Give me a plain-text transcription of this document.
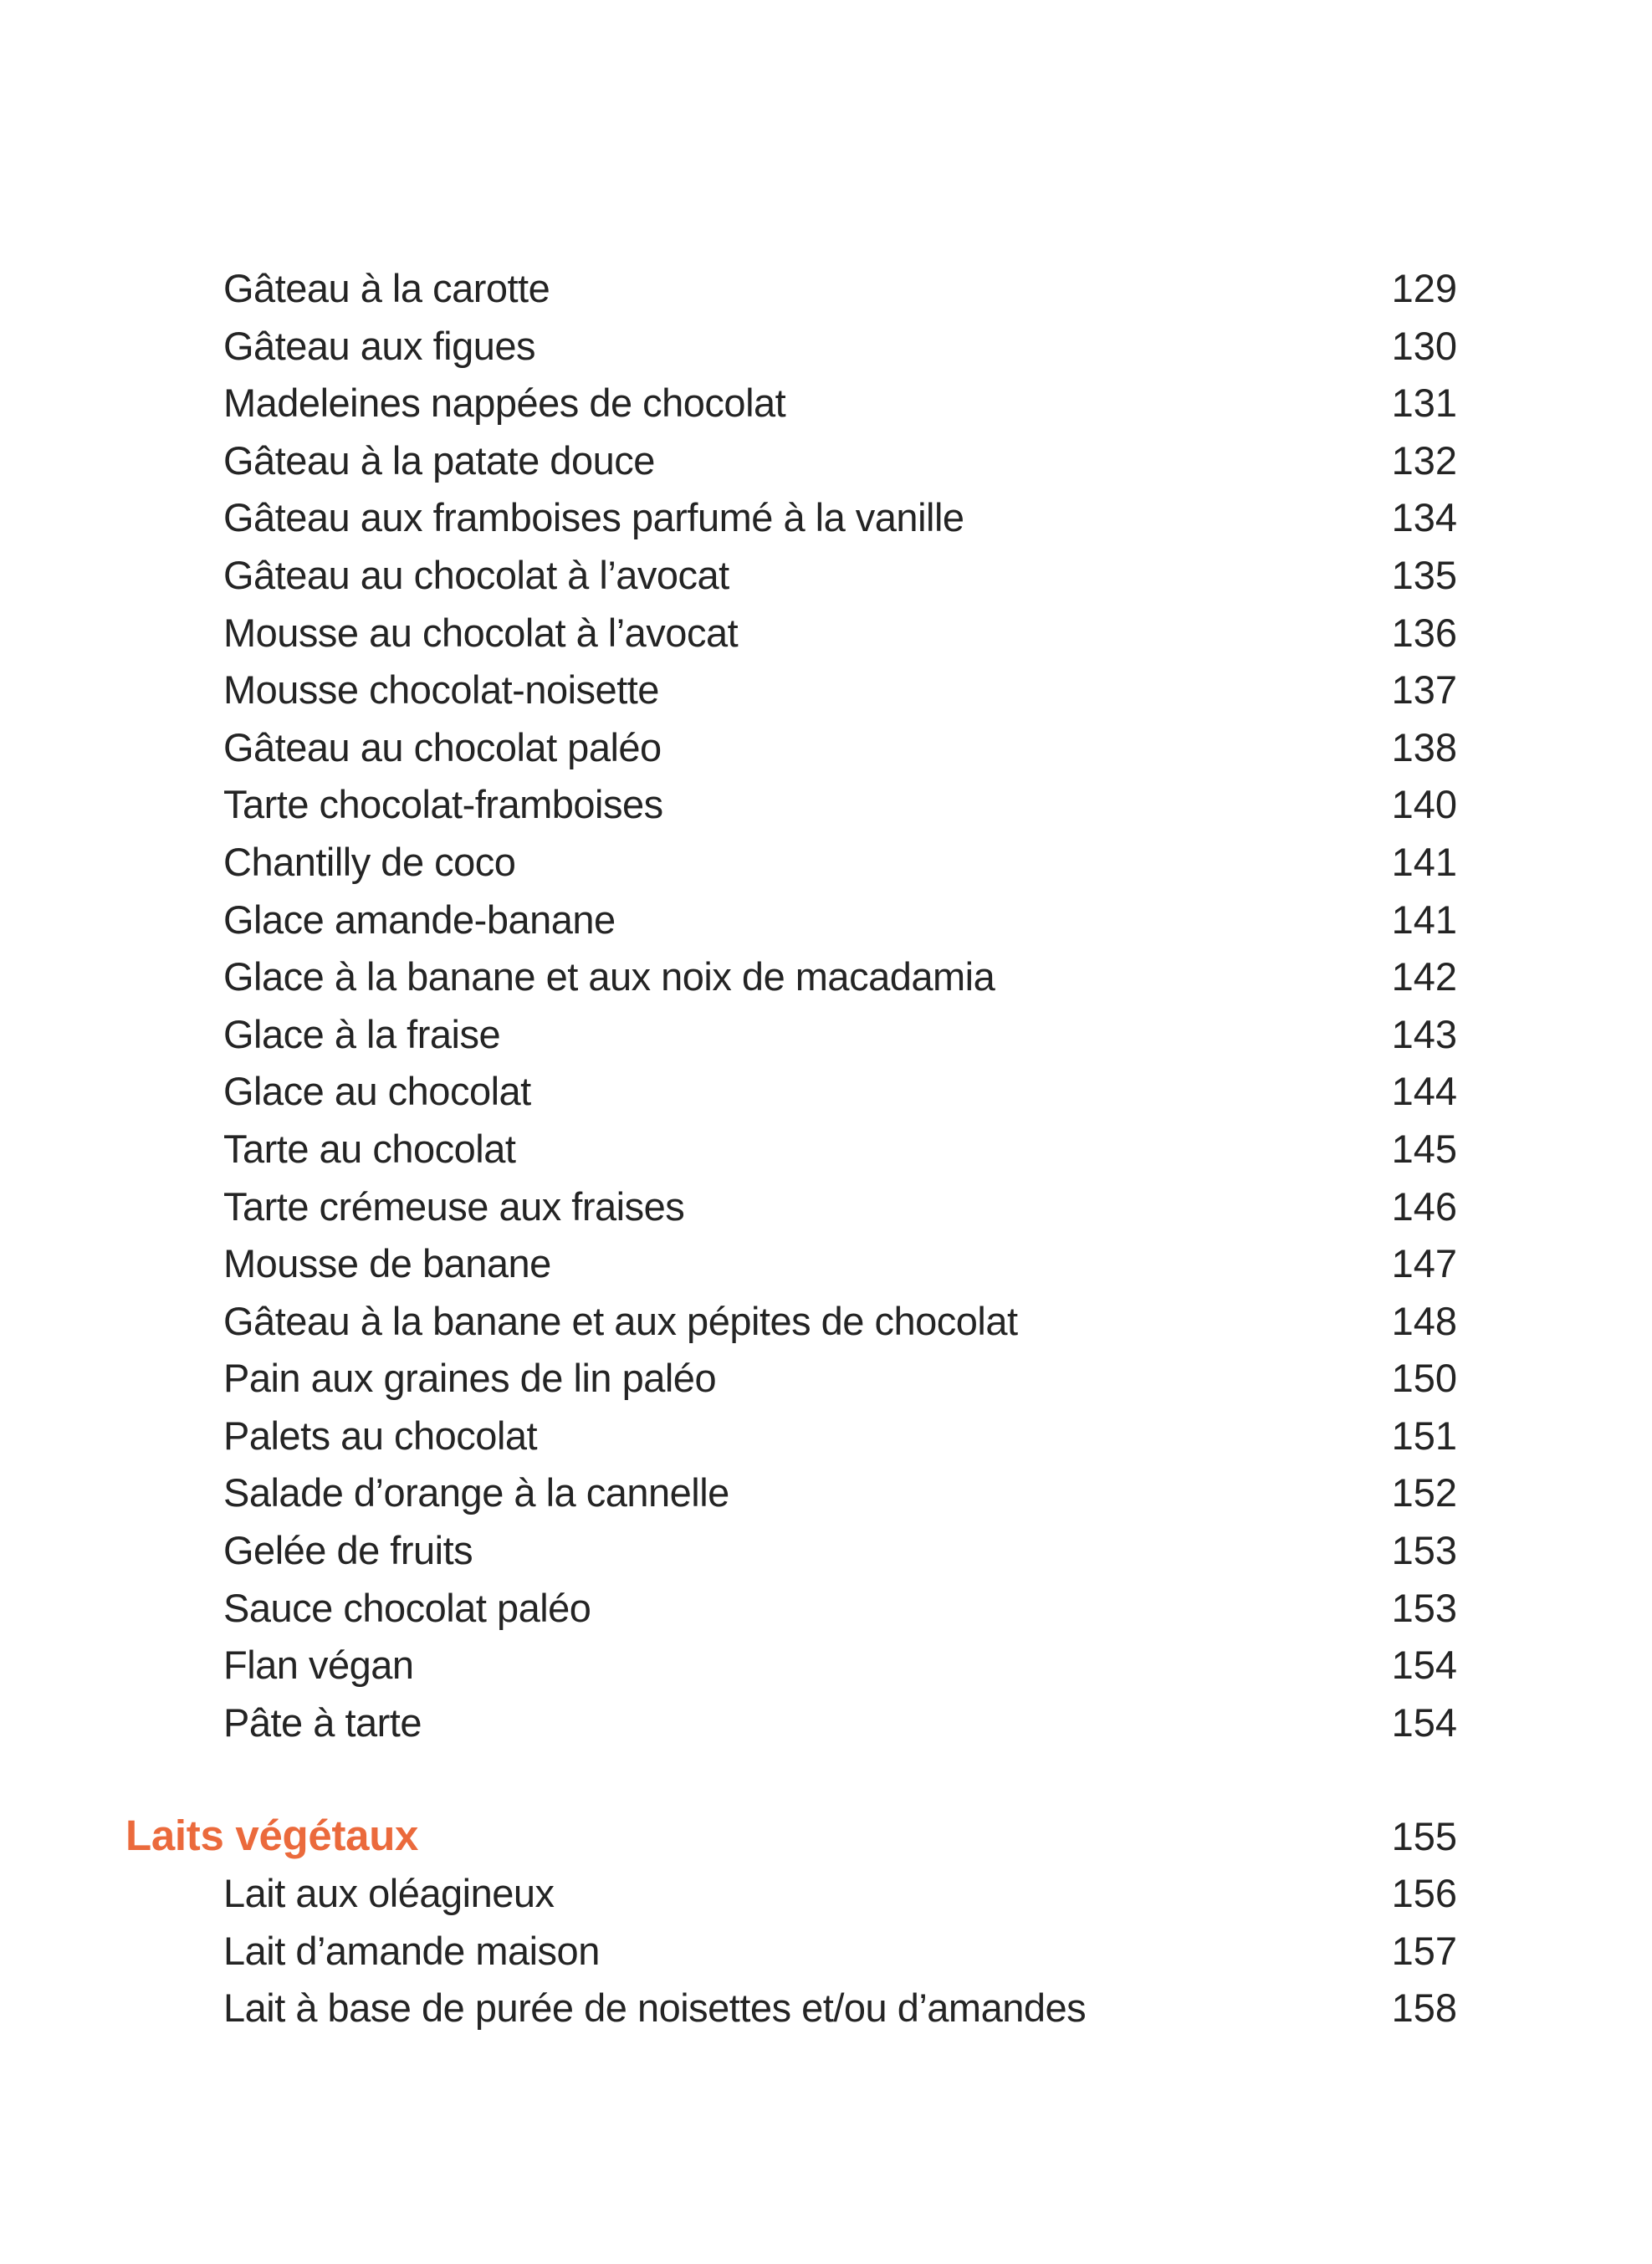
Gâteau à la carotte	129
Gâteau aux figues	130
Madeleines nappées de chocolat	131
Gâteau à la patate douce	132
Gâteau aux framboises parfumé à la vanille	134
Gâteau au chocolat à l’avocat	135
Mousse au chocolat à l’avocat	136
Mousse chocolat-noisette	137
Gâteau au chocolat paléo	138
Tarte chocolat-framboises	140
Chantilly de coco	141
Glace amande-banane	141
Glace à la banane et aux noix de macadamia	142
Glace à la fraise	143
Glace au chocolat	144
Tarte au chocolat	145
Tarte crémeuse aux fraises	146
Mousse de banane	147
Gâteau à la banane et aux pépites de chocolat	148
Pain aux graines de lin paléo	150
Palets au chocolat	151
Salade d’orange à la cannelle	152
Gelée de fruits	153
Sauce chocolat paléo	153
Flan végan	154
Pâte à tarte	154
Laits végétaux	155
Lait aux oléagineux	156
Lait d’amande maison	157
Lait à base de purée de noisettes et/ou d’amandes	158
